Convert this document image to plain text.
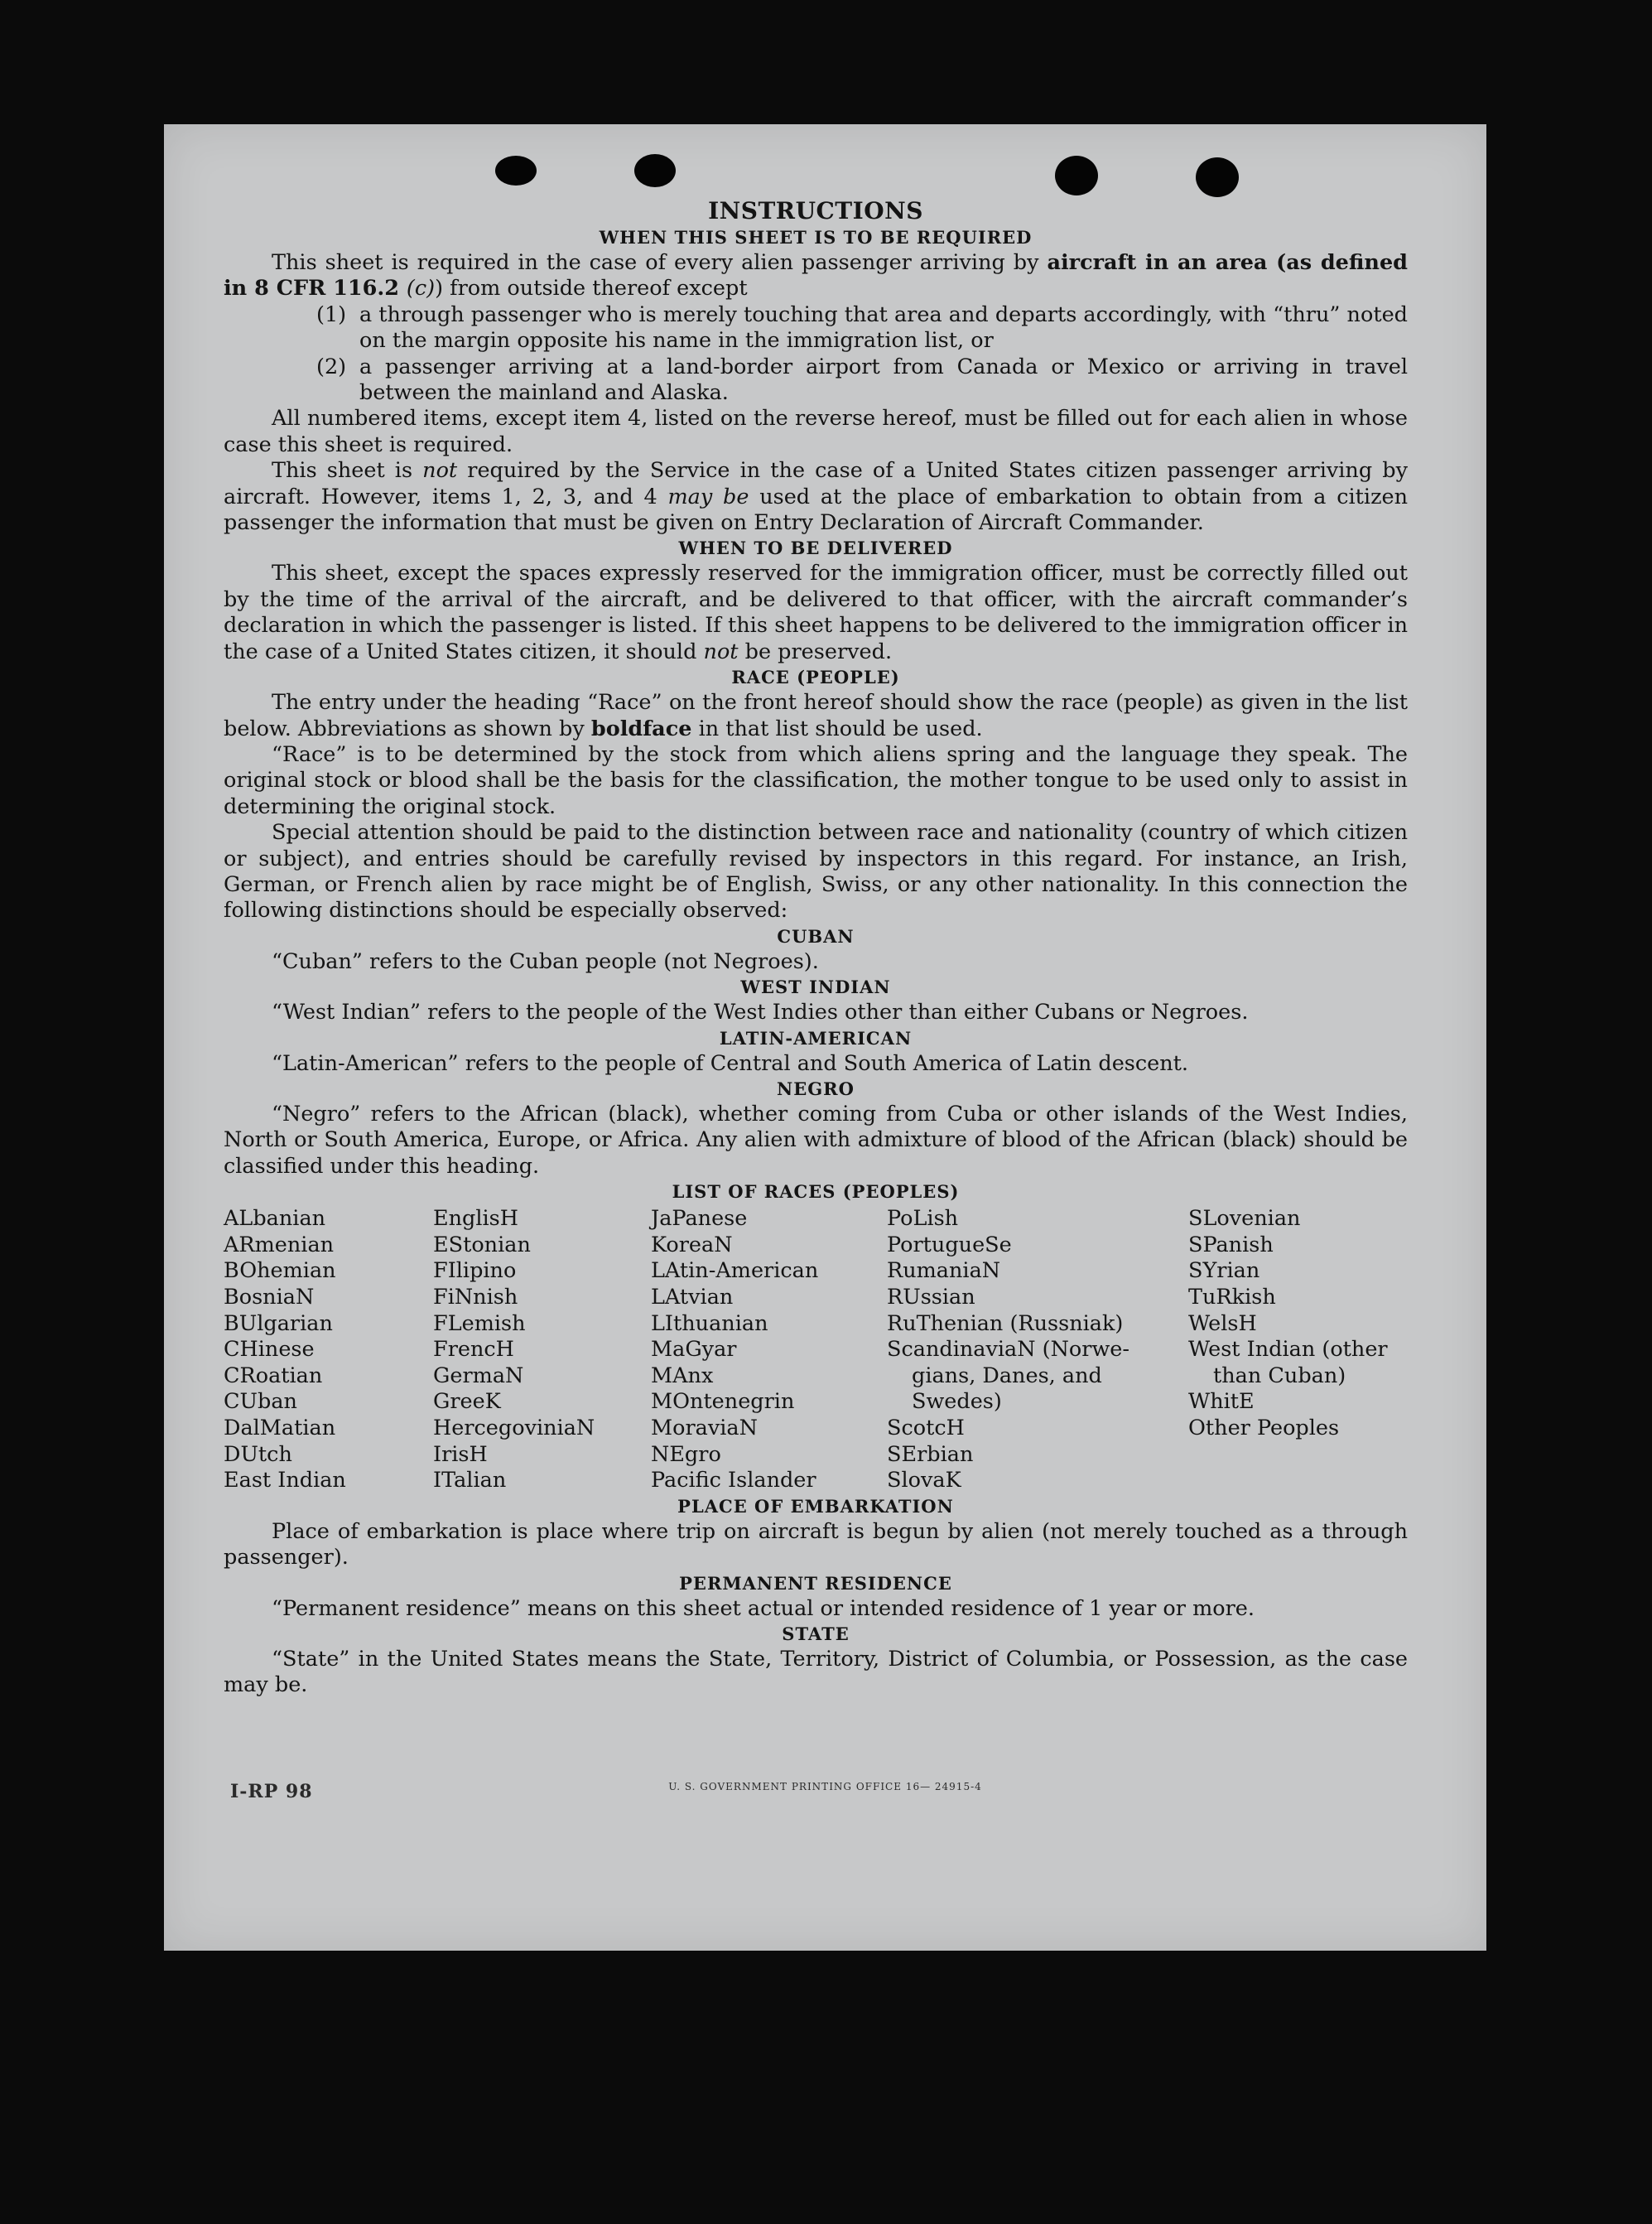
INSTRUCTIONS
WHEN THIS SHEET IS TO BE REQUIRED

This sheet is required in the case of every alien passenger arriving by aircraft in an area (as defined in 8 CFR 116.2 (c)) from outside thereof except

(1) a through passenger who is merely touching that area and departs accordingly, with “thru” noted on the margin opposite his name in the immigration list, or
(2) a passenger arriving at a land-border airport from Canada or Mexico or arriving in travel between the mainland and Alaska.

All numbered items, except item 4, listed on the reverse hereof, must be filled out for each alien in whose case this sheet is required.

This sheet is not required by the Service in the case of a United States citizen passenger arriving by aircraft. However, items 1, 2, 3, and 4 may be used at the place of embarkation to obtain from a citizen passenger the information that must be given on Entry Declaration of Aircraft Commander.

WHEN TO BE DELIVERED

This sheet, except the spaces expressly reserved for the immigration officer, must be correctly filled out by the time of the arrival of the aircraft, and be delivered to that officer, with the aircraft commander’s declaration in which the passenger is listed. If this sheet happens to be delivered to the immigration officer in the case of a United States citizen, it should not be preserved.

RACE (PEOPLE)

The entry under the heading “Race” on the front hereof should show the race (people) as given in the list below. Abbreviations as shown by boldface in that list should be used.

“Race” is to be determined by the stock from which aliens spring and the language they speak. The original stock or blood shall be the basis for the classification, the mother tongue to be used only to assist in determining the original stock.

Special attention should be paid to the distinction between race and nationality (country of which citizen or subject), and entries should be carefully revised by inspectors in this regard. For instance, an Irish, German, or French alien by race might be of English, Swiss, or any other nationality. In this connection the following distinctions should be especially observed:

CUBAN

“Cuban” refers to the Cuban people (not Negroes).

WEST INDIAN

“West Indian” refers to the people of the West Indies other than either Cubans or Negroes.

LATIN-AMERICAN

“Latin-American” refers to the people of Central and South America of Latin descent.

NEGRO

“Negro” refers to the African (black), whether coming from Cuba or other islands of the West Indies, North or South America, Europe, or Africa. Any alien with admixture of blood of the African (black) should be classified under this heading.

LIST OF RACES (PEOPLES)
ALbanian
ARmenian
BOhemian
BosniaN
BUlgarian
CHinese
CRoatian
CUban
DalMatian
DUtch
East Indian
EnglisH
EStonian
FIlipino
FiNnish
FLemish
FrencH
GermaN
GreeK
HercegoviniaN
IrisH
ITalian
JaPanese
KoreaN
LAtin-American
LAtvian
LIthuanian
MaGyar
MAnx
MOntenegrin
MoraviaN
NEgro
Pacific Islander
PoLish
PortugueSe
RumaniaN
RUssian
RuThenian (Russniak)
ScandinaviaN (Norwe-
gians, Danes, and
Swedes)
ScotcH
SErbian
SlovaK
SLovenian
SPanish
SYrian
TuRkish
WelsH
West Indian (other
than Cuban)
WhitE
Other Peoples
PLACE OF EMBARKATION

Place of embarkation is place where trip on aircraft is begun by alien (not merely touched as a through passenger).

PERMANENT RESIDENCE

“Permanent residence” means on this sheet actual or intended residence of 1 year or more.

STATE

“State” in the United States means the State, Territory, District of Columbia, or Possession, as the case may be.

I-RP 98	U. S. GOVERNMENT PRINTING OFFICE 16— 24915-4
